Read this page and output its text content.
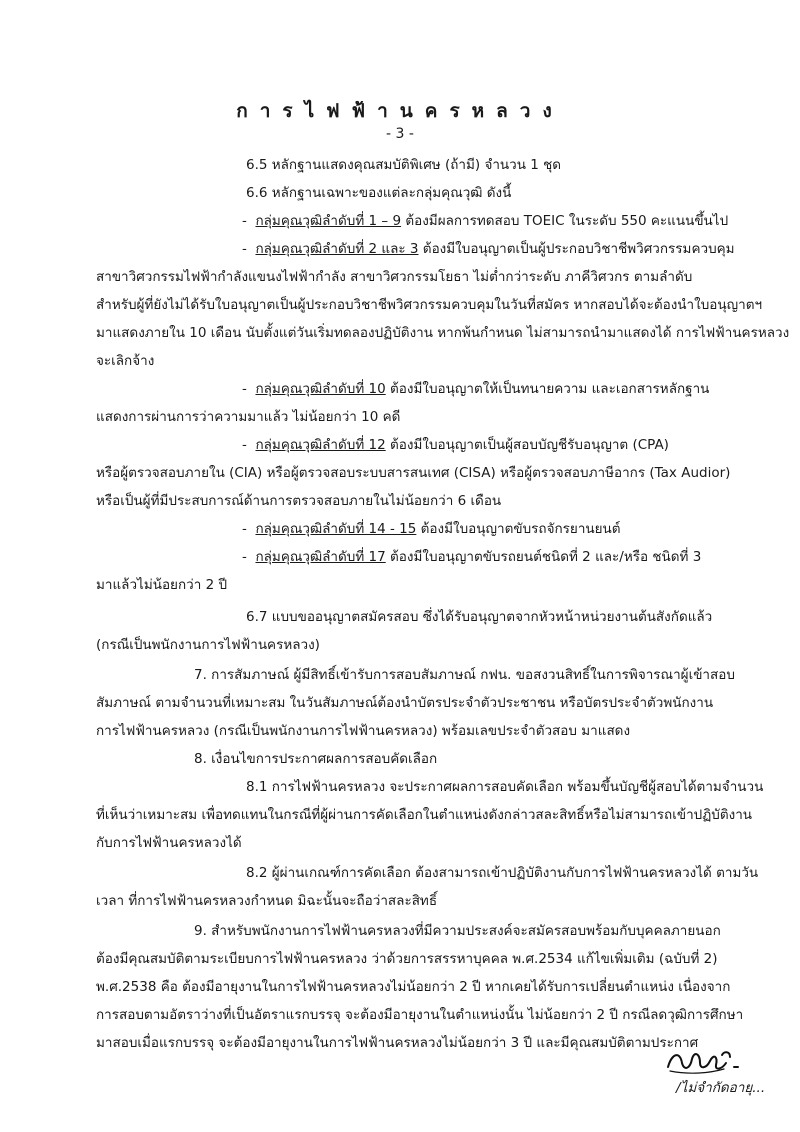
การไฟฟ้านครหลวง
- 3 -
6.5 หลักฐานแสดงคุณสมบัติพิเศษ (ถ้ามี) จำนวน 1 ชุด
6.6 หลักฐานเฉพาะของแต่ละกลุ่มคุณวุฒิ ดังนี้
- กลุ่มคุณวุฒิลำดับที่ 1 – 9 ต้องมีผลการทดสอบ TOEIC ในระดับ 550 คะแนนขึ้นไป
- กลุ่มคุณวุฒิลำดับที่ 2 และ 3 ต้องมีใบอนุญาตเป็นผู้ประกอบวิชาชีพวิศวกรรมควบคุม
สาขาวิศวกรรมไฟฟ้ากำลังแขนงไฟฟ้ากำลัง สาขาวิศวกรรมโยธา ไม่ต่ำกว่าระดับ ภาคีวิศวกร ตามลำดับ
สำหรับผู้ที่ยังไม่ได้รับใบอนุญาตเป็นผู้ประกอบวิชาชีพวิศวกรรมควบคุมในวันที่สมัคร หากสอบได้จะต้องนำใบอนุญาตฯ
มาแสดงภายใน 10 เดือน นับตั้งแต่วันเริ่มทดลองปฏิบัติงาน หากพ้นกำหนด ไม่สามารถนำมาแสดงได้ การไฟฟ้านครหลวง
จะเลิกจ้าง
- กลุ่มคุณวุฒิลำดับที่ 10 ต้องมีใบอนุญาตให้เป็นทนายความ และเอกสารหลักฐาน
แสดงการผ่านการว่าความมาแล้ว ไม่น้อยกว่า 10 คดี
- กลุ่มคุณวุฒิลำดับที่ 12 ต้องมีใบอนุญาตเป็นผู้สอบบัญชีรับอนุญาต (CPA)
หรือผู้ตรวจสอบภายใน (CIA) หรือผู้ตรวจสอบระบบสารสนเทศ (CISA) หรือผู้ตรวจสอบภาษีอากร (Tax Audior)
หรือเป็นผู้ที่มีประสบการณ์ด้านการตรวจสอบภายในไม่น้อยกว่า 6 เดือน
- กลุ่มคุณวุฒิลำดับที่ 14 - 15 ต้องมีใบอนุญาตขับรถจักรยานยนต์
- กลุ่มคุณวุฒิลำดับที่ 17 ต้องมีใบอนุญาตขับรถยนต์ชนิดที่ 2 และ/หรือ ชนิดที่ 3
มาแล้วไม่น้อยกว่า 2 ปี
6.7 แบบขออนุญาตสมัครสอบ ซึ่งได้รับอนุญาตจากหัวหน้าหน่วยงานต้นสังกัดแล้ว
(กรณีเป็นพนักงานการไฟฟ้านครหลวง)
7. การสัมภาษณ์ ผู้มีสิทธิ์เข้ารับการสอบสัมภาษณ์ กฟน. ขอสงวนสิทธิ์ในการพิจารณาผู้เข้าสอบ
สัมภาษณ์ ตามจำนวนที่เหมาะสม ในวันสัมภาษณ์ต้องนำบัตรประจำตัวประชาชน หรือบัตรประจำตัวพนักงาน
การไฟฟ้านครหลวง (กรณีเป็นพนักงานการไฟฟ้านครหลวง) พร้อมเลขประจำตัวสอบ มาแสดง
8. เงื่อนไขการประกาศผลการสอบคัดเลือก
8.1 การไฟฟ้านครหลวง จะประกาศผลการสอบคัดเลือก พร้อมขึ้นบัญชีผู้สอบได้ตามจำนวน
ที่เห็นว่าเหมาะสม เพื่อทดแทนในกรณีที่ผู้ผ่านการคัดเลือกในตำแหน่งดังกล่าวสละสิทธิ์หรือไม่สามารถเข้าปฏิบัติงาน
กับการไฟฟ้านครหลวงได้
8.2 ผู้ผ่านเกณฑ์การคัดเลือก ต้องสามารถเข้าปฏิบัติงานกับการไฟฟ้านครหลวงได้ ตามวัน
เวลา ที่การไฟฟ้านครหลวงกำหนด มิฉะนั้นจะถือว่าสละสิทธิ์
9. สำหรับพนักงานการไฟฟ้านครหลวงที่มีความประสงค์จะสมัครสอบพร้อมกับบุคคลภายนอก
ต้องมีคุณสมบัติตามระเบียบการไฟฟ้านครหลวง ว่าด้วยการสรรหาบุคคล พ.ศ.2534 แก้ไขเพิ่มเติม (ฉบับที่ 2)
พ.ศ.2538 คือ ต้องมีอายุงานในการไฟฟ้านครหลวงไม่น้อยกว่า 2 ปี หากเคยได้รับการเปลี่ยนตำแหน่ง เนื่องจาก
การสอบตามอัตราว่างที่เป็นอัตราแรกบรรจุ จะต้องมีอายุงานในตำแหน่งนั้น ไม่น้อยกว่า 2 ปี กรณีลดวุฒิการศึกษา
มาสอบเมื่อแรกบรรจุ จะต้องมีอายุงานในการไฟฟ้านครหลวงไม่น้อยกว่า 3 ปี และมีคุณสมบัติตามประกาศ
/ไม่จำกัดอายุ...
